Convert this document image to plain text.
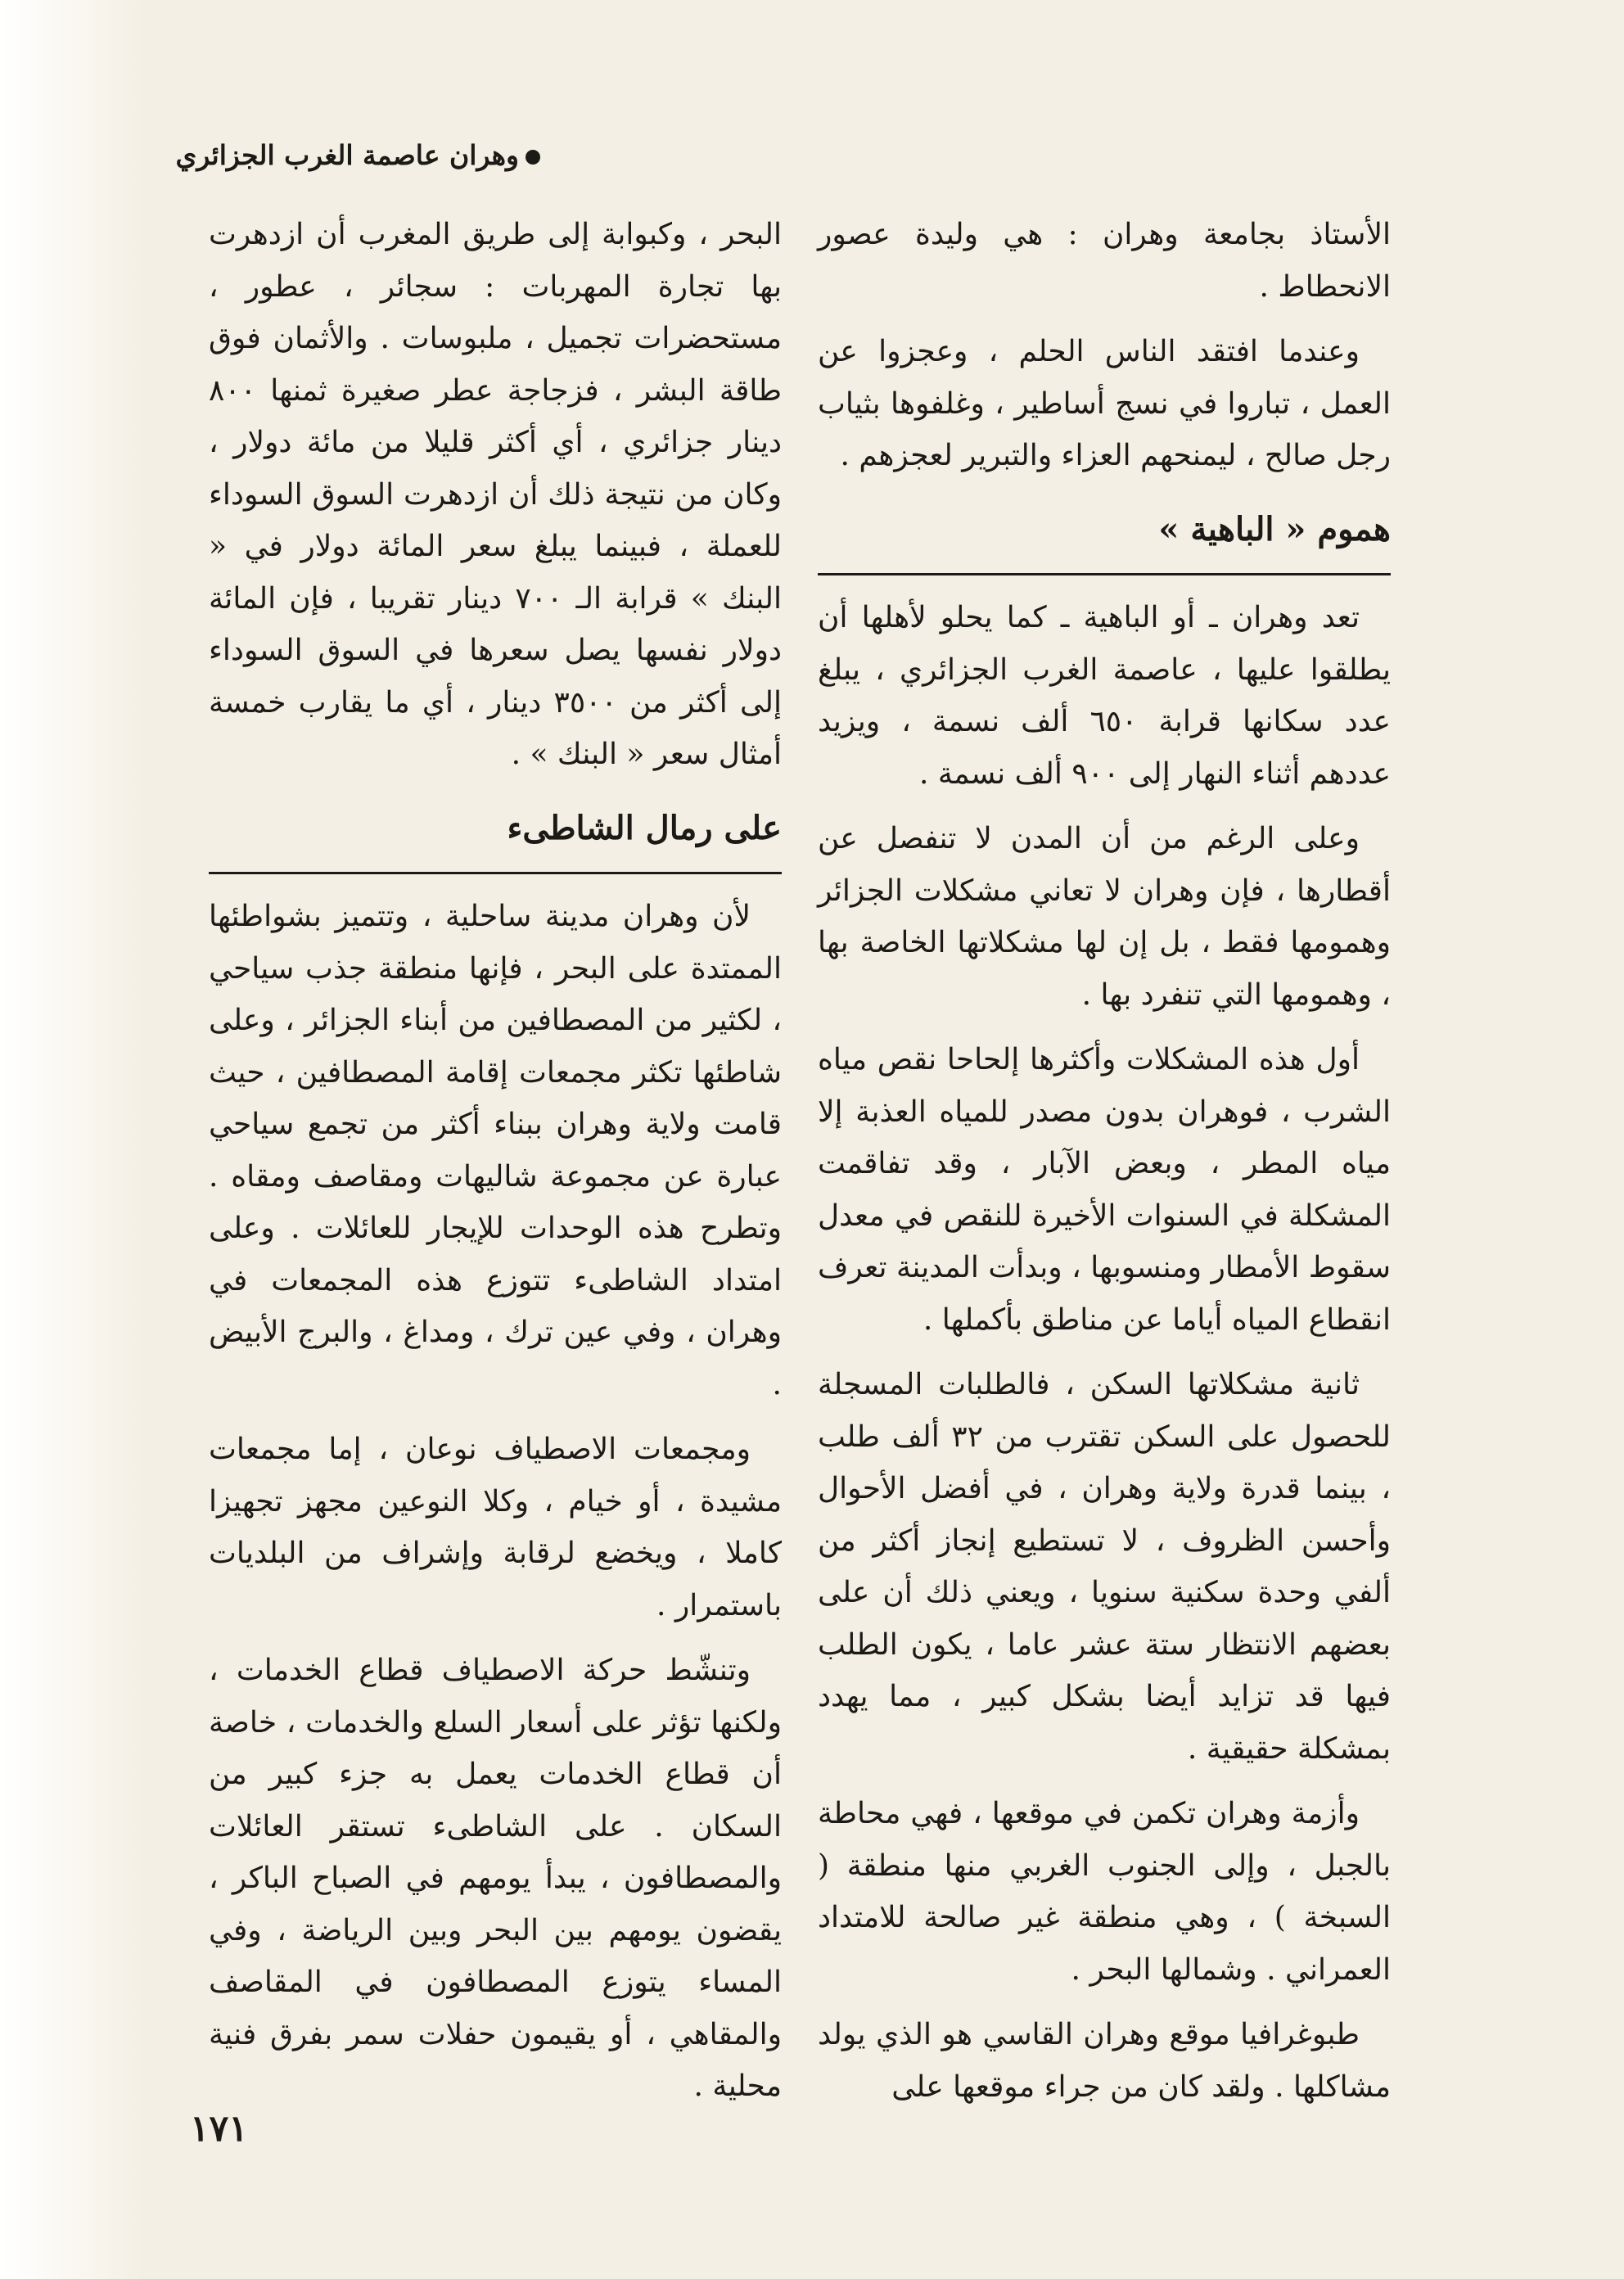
وهران عاصمة الغرب الجزائري

الأستاذ بجامعة وهران : هي وليدة عصور الانحطاط .

وعندما افتقد الناس الحلم ، وعجزوا عن العمل ، تباروا في نسج أساطير ، وغلفوها بثياب رجل صالح ، ليمنحهم العزاء والتبرير لعجزهم .

هموم « الباهية »

تعد وهران ـ أو الباهية ـ كما يحلو لأهلها أن يطلقوا عليها ، عاصمة الغرب الجزائري ، يبلغ عدد سكانها قرابة ٦٥٠ ألف نسمة ، ويزيد عددهم أثناء النهار إلى ٩٠٠ ألف نسمة .

وعلى الرغم من أن المدن لا تنفصل عن أقطارها ، فإن وهران لا تعاني مشكلات الجزائر وهمومها فقط ، بل إن لها مشكلاتها الخاصة بها ، وهمومها التي تنفرد بها .

أول هذه المشكلات وأكثرها إلحاحا نقص مياه الشرب ، فوهران بدون مصدر للمياه العذبة إلا مياه المطر ، وبعض الآبار ، وقد تفاقمت المشكلة في السنوات الأخيرة للنقص في معدل سقوط الأمطار ومنسوبها ، وبدأت المدينة تعرف انقطاع المياه أياما عن مناطق بأكملها .

ثانية مشكلاتها السكن ، فالطلبات المسجلة للحصول على السكن تقترب من ٣٢ ألف طلب ، بينما قدرة ولاية وهران ، في أفضل الأحوال وأحسن الظروف ، لا تستطيع إنجاز أكثر من ألفي وحدة سكنية سنويا ، ويعني ذلك أن على بعضهم الانتظار ستة عشر عاما ، يكون الطلب فيها قد تزايد أيضا بشكل كبير ، مما يهدد بمشكلة حقيقية .

وأزمة وهران تكمن في موقعها ، فهي محاطة بالجبل ، وإلى الجنوب الغربي منها منطقة ( السبخة ) ، وهي منطقة غير صالحة للامتداد العمراني . وشمالها البحر .

طبوغرافيا موقع وهران القاسي هو الذي يولد مشاكلها . ولقد كان من جراء موقعها على

البحر ، وكبوابة إلى طريق المغرب أن ازدهرت بها تجارة المهربات : سجائر ، عطور ، مستحضرات تجميل ، ملبوسات . والأثمان فوق طاقة البشر ، فزجاجة عطر صغيرة ثمنها ٨٠٠ دينار جزائري ، أي أكثر قليلا من مائة دولار ، وكان من نتيجة ذلك أن ازدهرت السوق السوداء للعملة ، فبينما يبلغ سعر المائة دولار في « البنك » قرابة الـ ٧٠٠ دينار تقريبا ، فإن المائة دولار نفسها يصل سعرها في السوق السوداء إلى أكثر من ٣٥٠٠ دينار ، أي ما يقارب خمسة أمثال سعر « البنك » .

على رمال الشاطىء

لأن وهران مدينة ساحلية ، وتتميز بشواطئها الممتدة على البحر ، فإنها منطقة جذب سياحي ، لكثير من المصطافين من أبناء الجزائر ، وعلى شاطئها تكثر مجمعات إقامة المصطافين ، حيث قامت ولاية وهران ببناء أكثر من تجمع سياحي عبارة عن مجموعة شاليهات ومقاصف ومقاه . وتطرح هذه الوحدات للإيجار للعائلات . وعلى امتداد الشاطىء تتوزع هذه المجمعات في وهران ، وفي عين ترك ، ومداغ ، والبرج الأبيض .

ومجمعات الاصطياف نوعان ، إما مجمعات مشيدة ، أو خيام ، وكلا النوعين مجهز تجهيزا كاملا ، ويخضع لرقابة وإشراف من البلديات باستمرار .

وتنشّط حركة الاصطياف قطاع الخدمات ، ولكنها تؤثر على أسعار السلع والخدمات ، خاصة أن قطاع الخدمات يعمل به جزء كبير من السكان . على الشاطىء تستقر العائلات والمصطافون ، يبدأ يومهم في الصباح الباكر ، يقضون يومهم بين البحر وبين الرياضة ، وفي المساء يتوزع المصطافون في المقاصف والمقاهي ، أو يقيمون حفلات سمر بفرق فنية محلية .

١٧١
